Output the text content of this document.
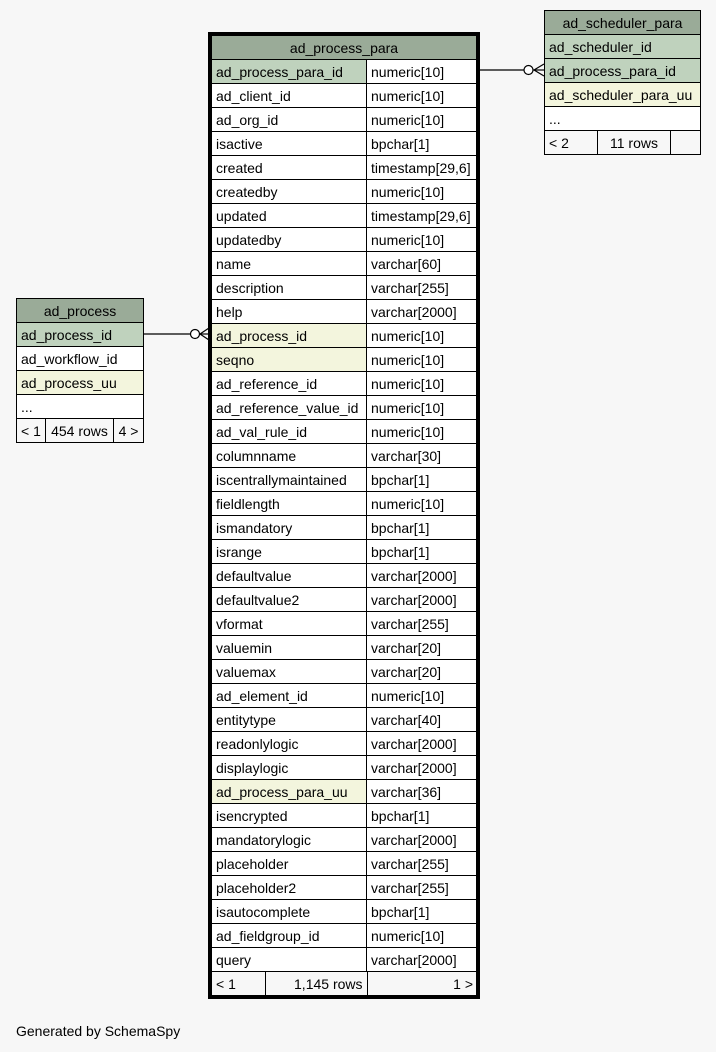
ad_process_para
ad_process_para_id	numeric[10]
ad_client_id	numeric[10]
ad_org_id	numeric[10]
isactive	bpchar[1]
created	timestamp[29,6]
createdby	numeric[10]
updated	timestamp[29,6]
updatedby	numeric[10]
name	varchar[60]
description	varchar[255]
help	varchar[2000]
ad_process_id	numeric[10]
seqno	numeric[10]
ad_reference_id	numeric[10]
ad_reference_value_id	numeric[10]
ad_val_rule_id	numeric[10]
columnname	varchar[30]
iscentrallymaintained	bpchar[1]
fieldlength	numeric[10]
ismandatory	bpchar[1]
isrange	bpchar[1]
defaultvalue	varchar[2000]
defaultvalue2	varchar[2000]
vformat	varchar[255]
valuemin	varchar[20]
valuemax	varchar[20]
ad_element_id	numeric[10]
entitytype	varchar[40]
readonlylogic	varchar[2000]
displaylogic	varchar[2000]
ad_process_para_uu	varchar[36]
isencrypted	bpchar[1]
mandatorylogic	varchar[2000]
placeholder	varchar[255]
placeholder2	varchar[255]
isautocomplete	bpchar[1]
ad_fieldgroup_id	numeric[10]
query	varchar[2000]

< 1	1,145 rows	1 >
ad_process
ad_process_id
ad_workflow_id
ad_process_uu
...
< 1	454 rows	4 >
ad_scheduler_para
ad_scheduler_id
ad_process_para_id
ad_scheduler_para_uu
...
< 2	11 rows	
Generated by SchemaSpy
